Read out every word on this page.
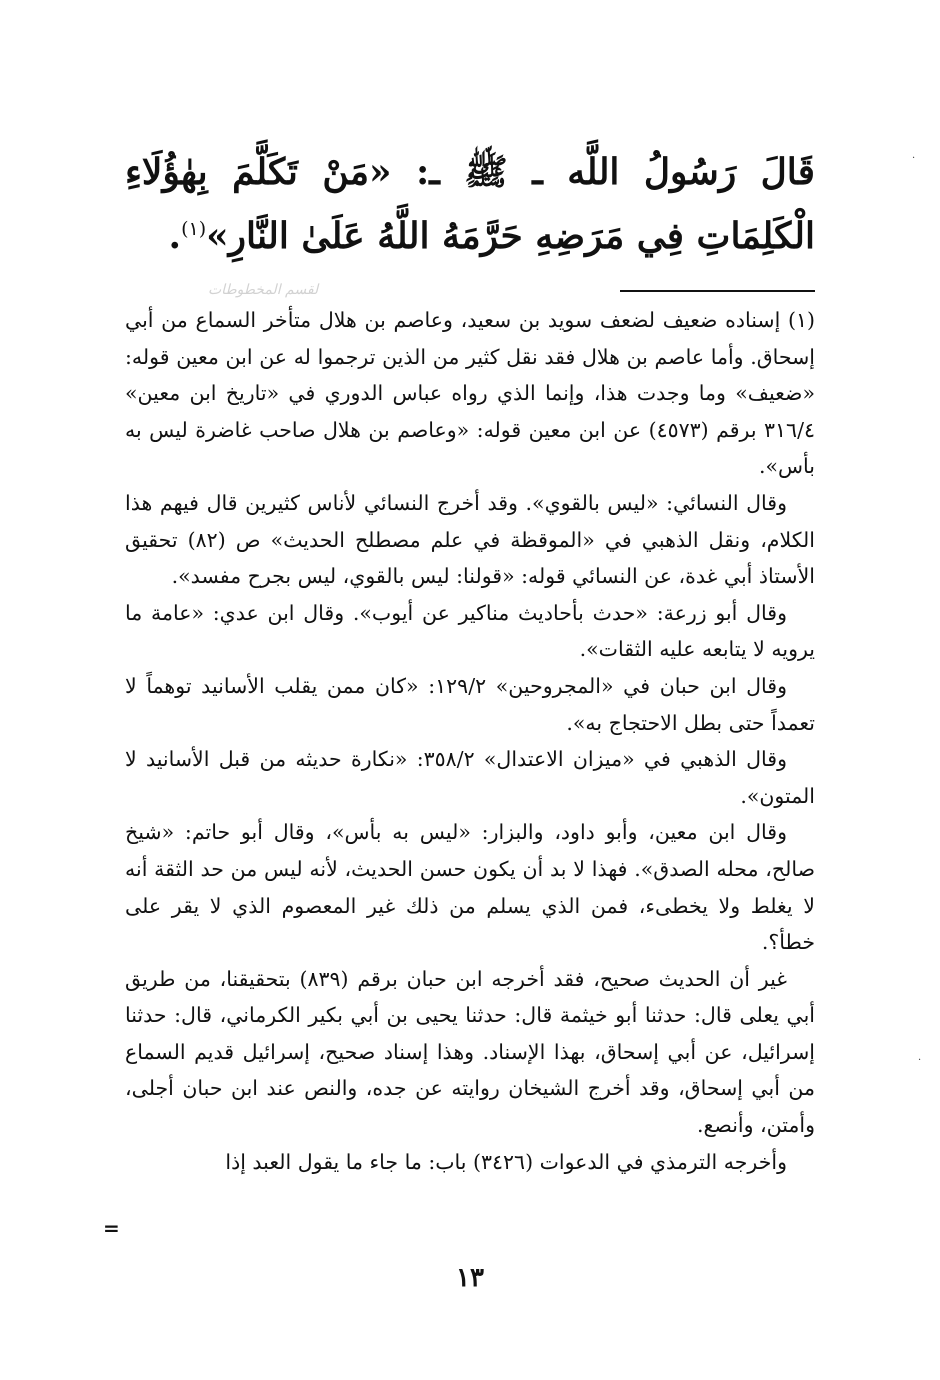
قَالَ رَسُولُ اللَّه ـ ﷺ ـ: «مَنْ تَكَلَّمَ بِهٰؤُلَاءِ الْكَلِمَاتِ فِي مَرَضِهِ حَرَّمَهُ اللَّهُ عَلَىٰ النَّارِ»$^{(١)}$.
لقسم المخطوطات

(١) إسناده ضعيف لضعف سويد بن سعيد، وعاصم بن هلال متأخر السماع من أبي إسحاق. وأما عاصم بن هلال فقد نقل كثير من الذين ترجموا له عن ابن معين قوله: «ضعيف» وما وجدت هذا، وإنما الذي رواه عباس الدوري في «تاريخ ابن معين» ٣١٦/٤ برقم (٤٥٧٣) عن ابن معين قوله: «وعاصم بن هلال صاحب غاضرة ليس به بأس».

وقال النسائي: «ليس بالقوي». وقد أخرج النسائي لأناس كثيرين قال فيهم هذا الكلام، ونقل الذهبي في «الموقظة في علم مصطلح الحديث» ص (٨٢) تحقيق الأستاذ أبي غدة، عن النسائي قوله: «قولنا: ليس بالقوي، ليس بجرح مفسد».

وقال أبو زرعة: «حدث بأحاديث مناكير عن أيوب». وقال ابن عدي: «عامة ما يرويه لا يتابعه عليه الثقات».

وقال ابن حبان في «المجروحين» ١٢٩/٢: «كان ممن يقلب الأسانيد توهماً لا تعمداً حتى بطل الاحتجاج به».

وقال الذهبي في «ميزان الاعتدال» ٣٥٨/٢: «نكارة حديثه من قبل الأسانيد لا المتون».

وقال ابن معين، وأبو داود، والبزار: «ليس به بأس»، وقال أبو حاتم: «شيخ صالح، محله الصدق». فهذا لا بد أن يكون حسن الحديث، لأنه ليس من حد الثقة أنه لا يغلط ولا يخطىء، فمن الذي يسلم من ذلك غير المعصوم الذي لا يقر على خطأ؟.

غير أن الحديث صحيح، فقد أخرجه ابن حبان برقم (٨٣٩) بتحقيقنا، من طريق أبي يعلى قال: حدثنا أبو خيثمة قال: حدثنا يحيى بن أبي بكير الكرماني، قال: حدثنا إسرائيل، عن أبي إسحاق، بهذا الإسناد. وهذا إسناد صحيح، إسرائيل قديم السماع من أبي إسحاق، وقد أخرج الشيخان روايته عن جده، والنص عند ابن حبان أجلى، وأمتن، وأنصع.

وأخرجه الترمذي في الدعوات (٣٤٢٦) باب: ما جاء ما يقول العبد إذا

=
١٣
·
·
